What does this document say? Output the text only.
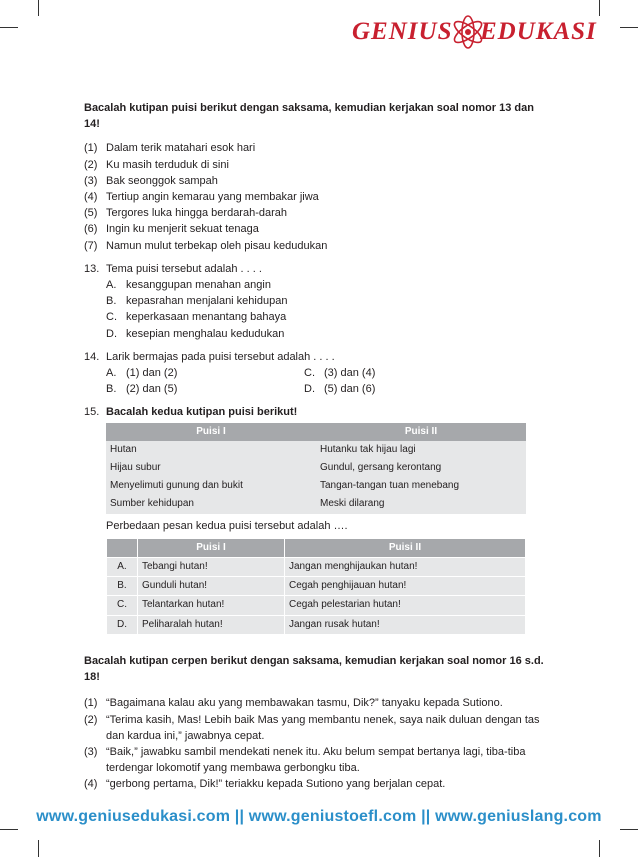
GENIUS EDUKASI
Bacalah kutipan puisi berikut dengan saksama, kemudian kerjakan soal nomor 13 dan 14!
(1) Dalam terik matahari esok hari
(2) Ku masih terduduk di sini
(3) Bak seonggok sampah
(4) Tertiup angin kemarau yang membakar jiwa
(5) Tergores luka hingga berdarah-darah
(6) Ingin ku menjerit sekuat tenaga
(7) Namun mulut terbekap oleh pisau kedudukan
13. Tema puisi tersebut adalah . . . .
A. kesanggupan menahan angin
B. kepasrahan menjalani kehidupan
C. keperkasaan menantang bahaya
D. kesepian menghalau kedudukan
14. Larik bermajas pada puisi tersebut adalah . . . .
A. (1) dan (2)	C. (3) dan (4)
B. (2) dan (5)	D. (5) dan (6)
15. Bacalah kedua kutipan puisi berikut!
Puisi I	Puisi II
Hutan	Hutanku tak hijau lagi
Hijau subur	Gundul, gersang kerontang
Menyelimuti gunung dan bukit	Tangan-tangan tuan menebang
Sumber kehidupan	Meski dilarang
Perbedaan pesan kedua puisi tersebut adalah ….
	Puisi I	Puisi II
A.	Tebangi hutan!	Jangan menghijaukan hutan!
B.	Gunduli hutan!	Cegah penghijauan hutan!
C.	Telantarkan hutan!	Cegah pelestarian hutan!
D.	Peliharalah hutan!	Jangan rusak hutan!
Bacalah kutipan cerpen berikut dengan saksama, kemudian kerjakan soal nomor 16 s.d. 18!
(1) “Bagaimana kalau aku yang membawakan tasmu, Dik?” tanyaku kepada Sutiono.
(2) “Terima kasih, Mas! Lebih baik Mas yang membantu nenek, saya naik duluan dengan tas dan kardua ini,” jawabnya cepat.
(3) “Baik,” jawabku sambil mendekati nenek itu. Aku belum sempat bertanya lagi, tiba-tiba terdengar lokomotif yang membawa gerbongku tiba.
(4) “gerbong pertama, Dik!” teriakku kepada Sutiono yang berjalan cepat.
www.geniusedukasi.com || www.geniustoefl.com || www.geniuslang.com
